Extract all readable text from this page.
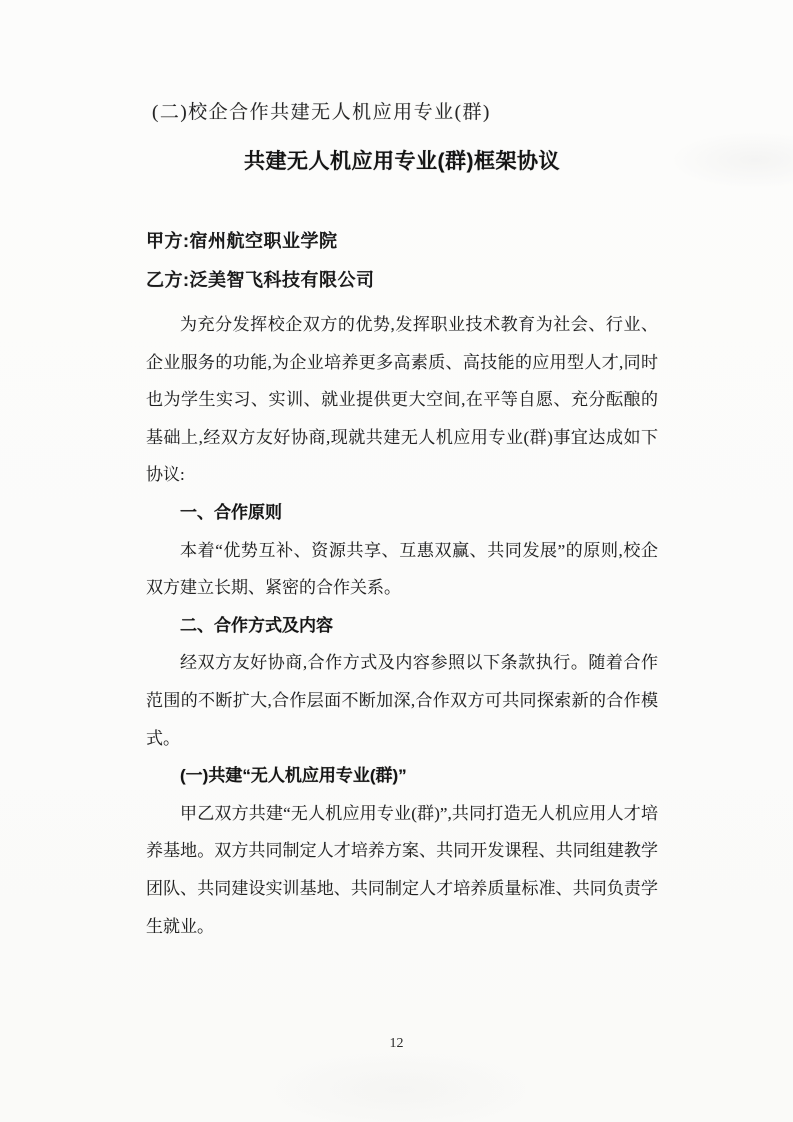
(二)校企合作共建无人机应用专业(群)
共建无人机应用专业(群)框架协议
甲方:宿州航空职业学院
乙方:泛美智飞科技有限公司

为充分发挥校企双方的优势,发挥职业技术教育为社会、行业、企业服务的功能,为企业培养更多高素质、高技能的应用型人才,同时也为学生实习、实训、就业提供更大空间,在平等自愿、充分酝酿的基础上,经双方友好协商,现就共建无人机应用专业(群)事宜达成如下协议:

一、合作原则

本着“优势互补、资源共享、互惠双赢、共同发展”的原则,校企双方建立长期、紧密的合作关系。

二、合作方式及内容

经双方友好协商,合作方式及内容参照以下条款执行。随着合作范围的不断扩大,合作层面不断加深,合作双方可共同探索新的合作模式。

(一)共建“无人机应用专业(群)”

甲乙双方共建“无人机应用专业(群)”,共同打造无人机应用人才培养基地。双方共同制定人才培养方案、共同开发课程、共同组建教学团队、共同建设实训基地、共同制定人才培养质量标准、共同负责学生就业。

12
